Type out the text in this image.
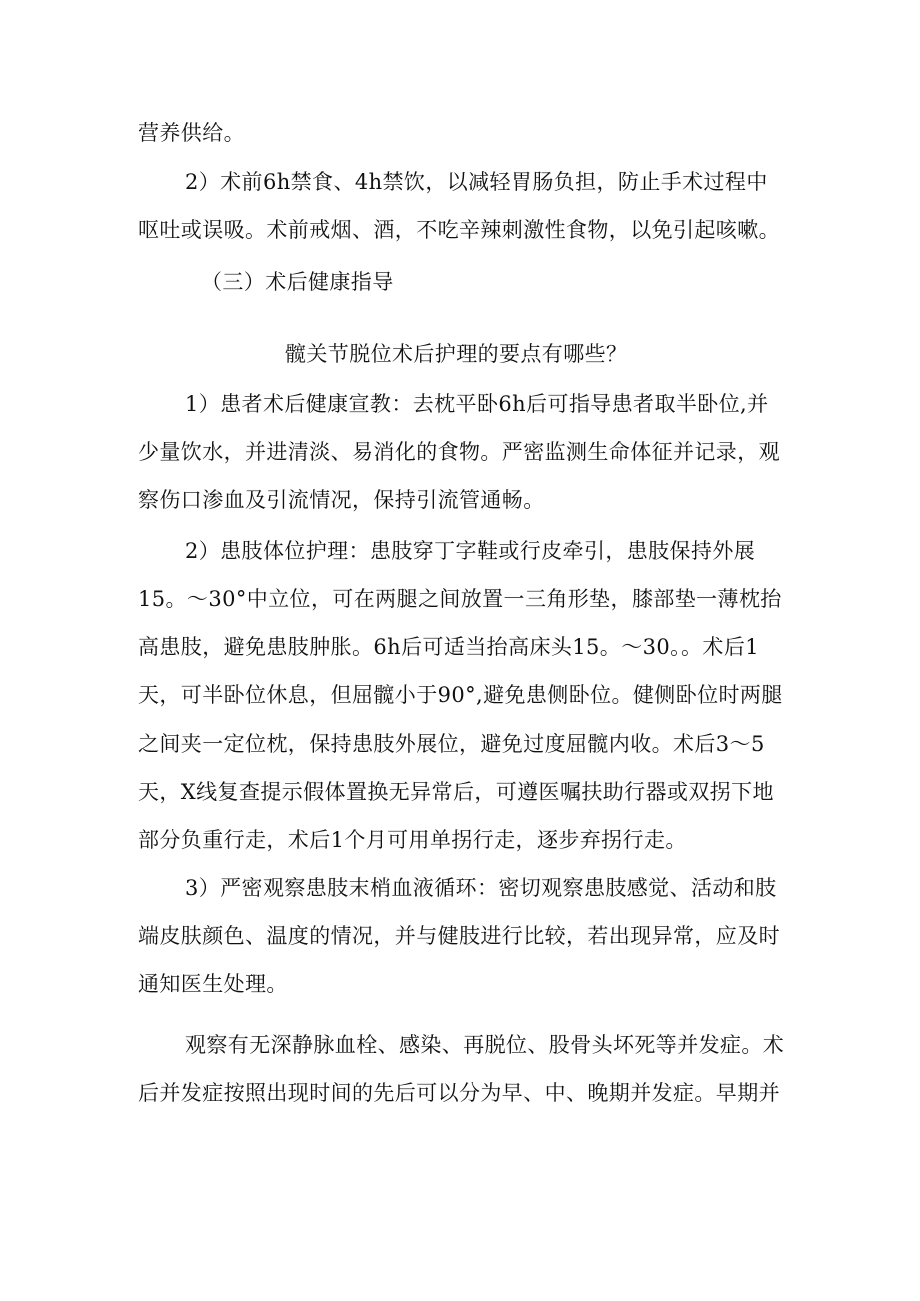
营养供给。
2）术前6h禁食、4h禁饮，以减轻胃肠负担，防止手术过程中
呕吐或误吸。术前戒烟、酒，不吃辛辣刺激性食物，以免引起咳嗽。
（三）术后健康指导
髋关节脱位术后护理的要点有哪些？
1）患者术后健康宣教：去枕平卧6h后可指导患者取半卧位,并
少量饮水，并进清淡、易消化的食物。严密监测生命体征并记录，观
察伤口渗血及引流情况，保持引流管通畅。
2）患肢体位护理：患肢穿丁字鞋或行皮牵引，患肢保持外展
15。～30°中立位，可在两腿之间放置一三角形垫，膝部垫一薄枕抬
高患肢，避免患肢肿胀。6h后可适当抬高床头15。～30。。术后1
天，可半卧位休息，但屈髋小于90°,避免患侧卧位。健侧卧位时两腿
之间夹一定位枕，保持患肢外展位，避免过度屈髋内收。术后3～5
天，X线复查提示假体置换无异常后，可遵医嘱扶助行器或双拐下地
部分负重行走，术后1个月可用单拐行走，逐步弃拐行走。
3）严密观察患肢末梢血液循环：密切观察患肢感觉、活动和肢
端皮肤颜色、温度的情况，并与健肢进行比较，若出现异常，应及时
通知医生处理。
观察有无深静脉血栓、感染、再脱位、股骨头坏死等并发症。术
后并发症按照出现时间的先后可以分为早、中、晚期并发症。早期并
